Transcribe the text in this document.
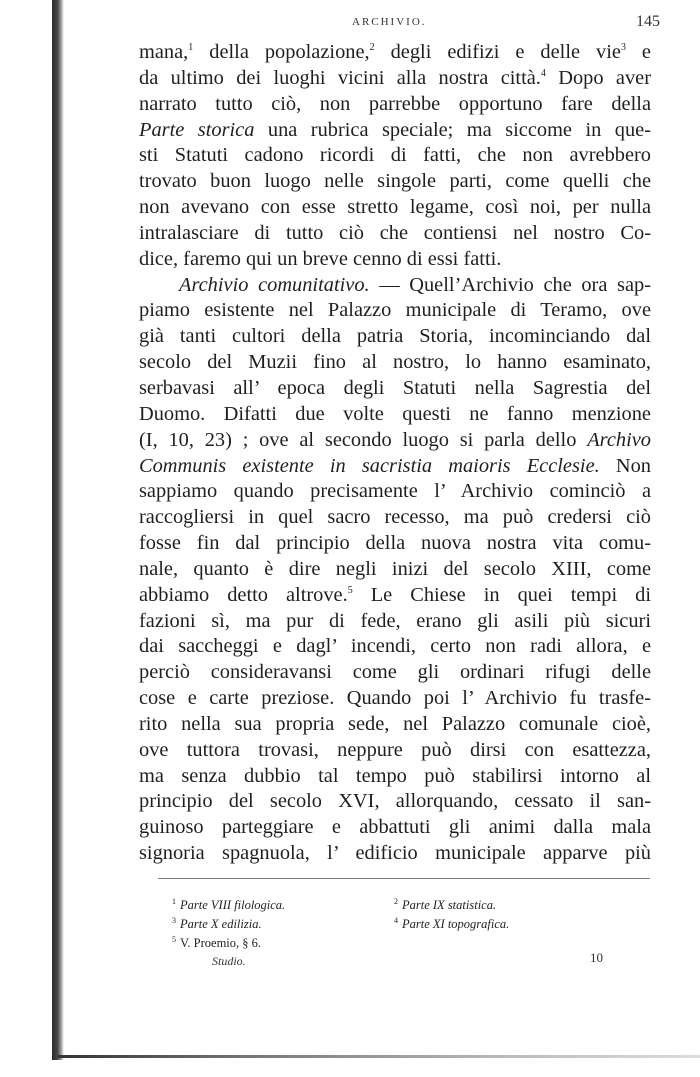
ARCHIVIO.	145
mana,$^1$ della popolazione,$^2$ degli edifizi e delle vie$^3$ e
da ultimo dei luoghi vicini alla nostra città.$^4$ Dopo aver
narrato tutto ciò, non parrebbe opportuno fare della
Parte storica una rubrica speciale; ma siccome in que-
sti Statuti cadono ricordi di fatti, che non avrebbero
trovato buon luogo nelle singole parti, come quelli che
non avevano con esse stretto legame, così noi, per nulla
intralasciare di tutto ciò che contiensi nel nostro Co-
dice, faremo qui un breve cenno di essi fatti.
Archivio comunitativo. — Quell’Archivio che ora sap-
piamo esistente nel Palazzo municipale di Teramo, ove
già tanti cultori della patria Storia, incominciando dal
secolo del Muzii fino al nostro, lo hanno esaminato,
serbavasi all’ epoca degli Statuti nella Sagrestia del
Duomo. Difatti due volte questi ne fanno menzione
(I, 10, 23) ; ove al secondo luogo si parla dello Archivo
Communis existente in sacristia maioris Ecclesie. Non
sappiamo quando precisamente l’ Archivio cominciò a
raccogliersi in quel sacro recesso, ma può credersi ciò
fosse fin dal principio della nuova nostra vita comu-
nale, quanto è dire negli inizi del secolo XIII, come
abbiamo detto altrove.$^5$ Le Chiese in quei tempi di
fazioni sì, ma pur di fede, erano gli asili più sicuri
dai saccheggi e dagl’ incendi, certo non radi allora, e
perciò consideravansi come gli ordinari rifugi delle
cose e carte preziose. Quando poi l’ Archivio fu trasfe-
rito nella sua propria sede, nel Palazzo comunale cioè,
ove tuttora trovasi, neppure può dirsi con esattezza,
ma senza dubbio tal tempo può stabilirsi intorno al
principio del secolo XVI, allorquando, cessato il san-
guinoso parteggiare e abbattuti gli animi dalla mala
signoria spagnuola, l’ edificio municipale apparve più
$^1$ Parte VIII filologica.	$^2$ Parte IX statistica.
$^3$ Parte X edilizia.	$^4$ Parte XI topografica.
$^5$ V. Proemio, § 6.
Studio.	10
